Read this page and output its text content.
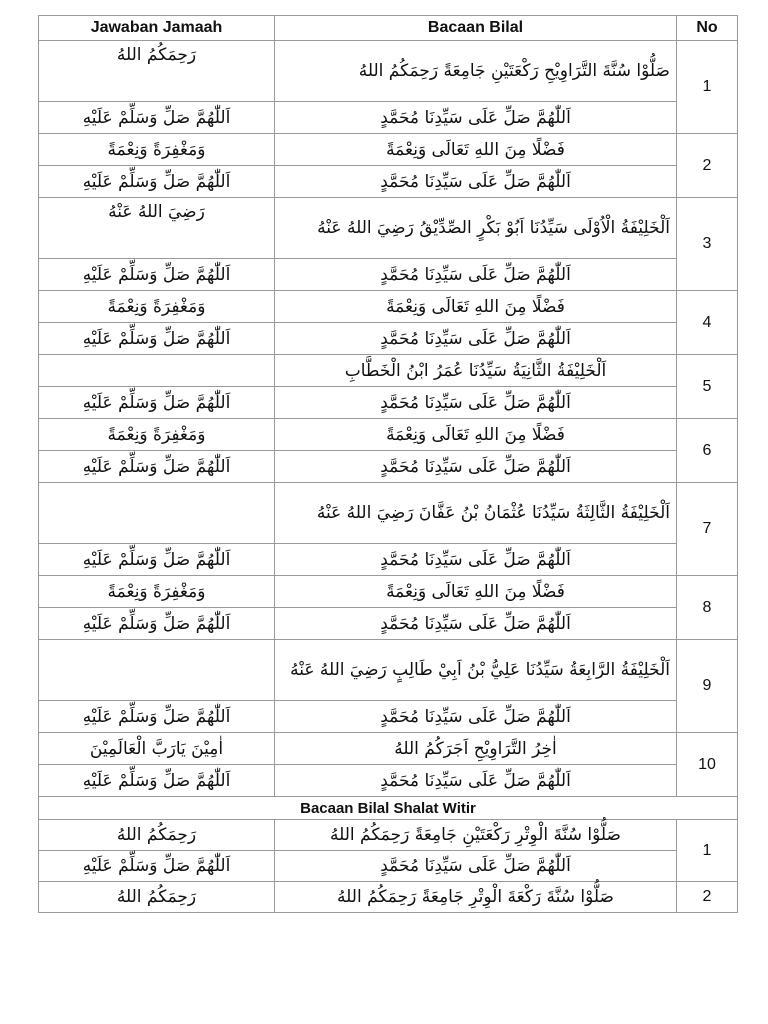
Jawaban Jamaah	Bacaan Bilal	No
رَحِمَكُمُ اللهُ	صَلُّوْا سُنَّةَ التَّرَاوِيْحِ رَكْعَتَيْنِ جَامِعَةً رَحِمَكُمُ اللهُ	1
اَللّٰهُمَّ صَلِّ وَسَلِّمْ عَلَيْهِ	اَللّٰهُمَّ صَلِّ عَلَى سَيِّدِنَا مُحَمَّدٍ	
وَمَغْفِرَةً وَنِعْمَةً	فَضْلًا مِنَ اللهِ تَعَالَى وَنِعْمَةً	2
اَللّٰهُمَّ صَلِّ وَسَلِّمْ عَلَيْهِ	اَللّٰهُمَّ صَلِّ عَلَى سَيِّدِنَا مُحَمَّدٍ	
رَضِيَ اللهُ عَنْهُ	اَلْخَلِيْفَةُ الْاُوْلَى سَيِّدُنَا اَبُوْ بَكْرٍ الصِّدِّيْقُ رَضِيَ اللهُ عَنْهُ	3
اَللّٰهُمَّ صَلِّ وَسَلِّمْ عَلَيْهِ	اَللّٰهُمَّ صَلِّ عَلَى سَيِّدِنَا مُحَمَّدٍ	
وَمَغْفِرَةً وَنِعْمَةً	فَضْلًا مِنَ اللهِ تَعَالَى وَنِعْمَةً	4
اَللّٰهُمَّ صَلِّ وَسَلِّمْ عَلَيْهِ	اَللّٰهُمَّ صَلِّ عَلَى سَيِّدِنَا مُحَمَّدٍ	
	اَلْخَلِيْفَةُ الثَّانِيَةُ سَيِّدُنَا عُمَرُ ابْنُ الْخَطَّابِ	5
اَللّٰهُمَّ صَلِّ وَسَلِّمْ عَلَيْهِ	اَللّٰهُمَّ صَلِّ عَلَى سَيِّدِنَا مُحَمَّدٍ	
وَمَغْفِرَةً وَنِعْمَةً	فَضْلًا مِنَ اللهِ تَعَالَى وَنِعْمَةً	6
اَللّٰهُمَّ صَلِّ وَسَلِّمْ عَلَيْهِ	اَللّٰهُمَّ صَلِّ عَلَى سَيِّدِنَا مُحَمَّدٍ	
	اَلْخَلِيْفَةُ الثَّالِثَةُ سَيِّدُنَا عُثْمَانُ بْنُ عَفَّانَ رَضِيَ اللهُ عَنْهُ	7
اَللّٰهُمَّ صَلِّ وَسَلِّمْ عَلَيْهِ	اَللّٰهُمَّ صَلِّ عَلَى سَيِّدِنَا مُحَمَّدٍ	
وَمَغْفِرَةً وَنِعْمَةً	فَضْلًا مِنَ اللهِ تَعَالَى وَنِعْمَةً	8
اَللّٰهُمَّ صَلِّ وَسَلِّمْ عَلَيْهِ	اَللّٰهُمَّ صَلِّ عَلَى سَيِّدِنَا مُحَمَّدٍ	
	اَلْخَلِيْفَةُ الرَّابِعَةُ سَيِّدُنَا عَلِيُّ بْنُ اَبِيْ طَالِبٍ رَضِيَ اللهُ عَنْهُ	9
اَللّٰهُمَّ صَلِّ وَسَلِّمْ عَلَيْهِ	اَللّٰهُمَّ صَلِّ عَلَى سَيِّدِنَا مُحَمَّدٍ	
اٰمِيْنَ يَارَبَّ الْعَالَمِيْنَ	اٰخِرُ التَّرَاوِيْحِ اَجَرَكُمُ اللهُ	10
اَللّٰهُمَّ صَلِّ وَسَلِّمْ عَلَيْهِ	اَللّٰهُمَّ صَلِّ عَلَى سَيِّدِنَا مُحَمَّدٍ	
Bacaan Bilal Shalat Witir		
رَحِمَكُمُ اللهُ	صَلُّوْا سُنَّةَ الْوِتْرِ رَكْعَتَيْنِ جَامِعَةً رَحِمَكُمُ اللهُ	1
اَللّٰهُمَّ صَلِّ وَسَلِّمْ عَلَيْهِ	اَللّٰهُمَّ صَلِّ عَلَى سَيِّدِنَا مُحَمَّدٍ	
رَحِمَكُمُ اللهُ	صَلُّوْا سُنَّةَ رَكْعَةَ الْوِتْرِ جَامِعَةً رَحِمَكُمُ اللهُ	2
